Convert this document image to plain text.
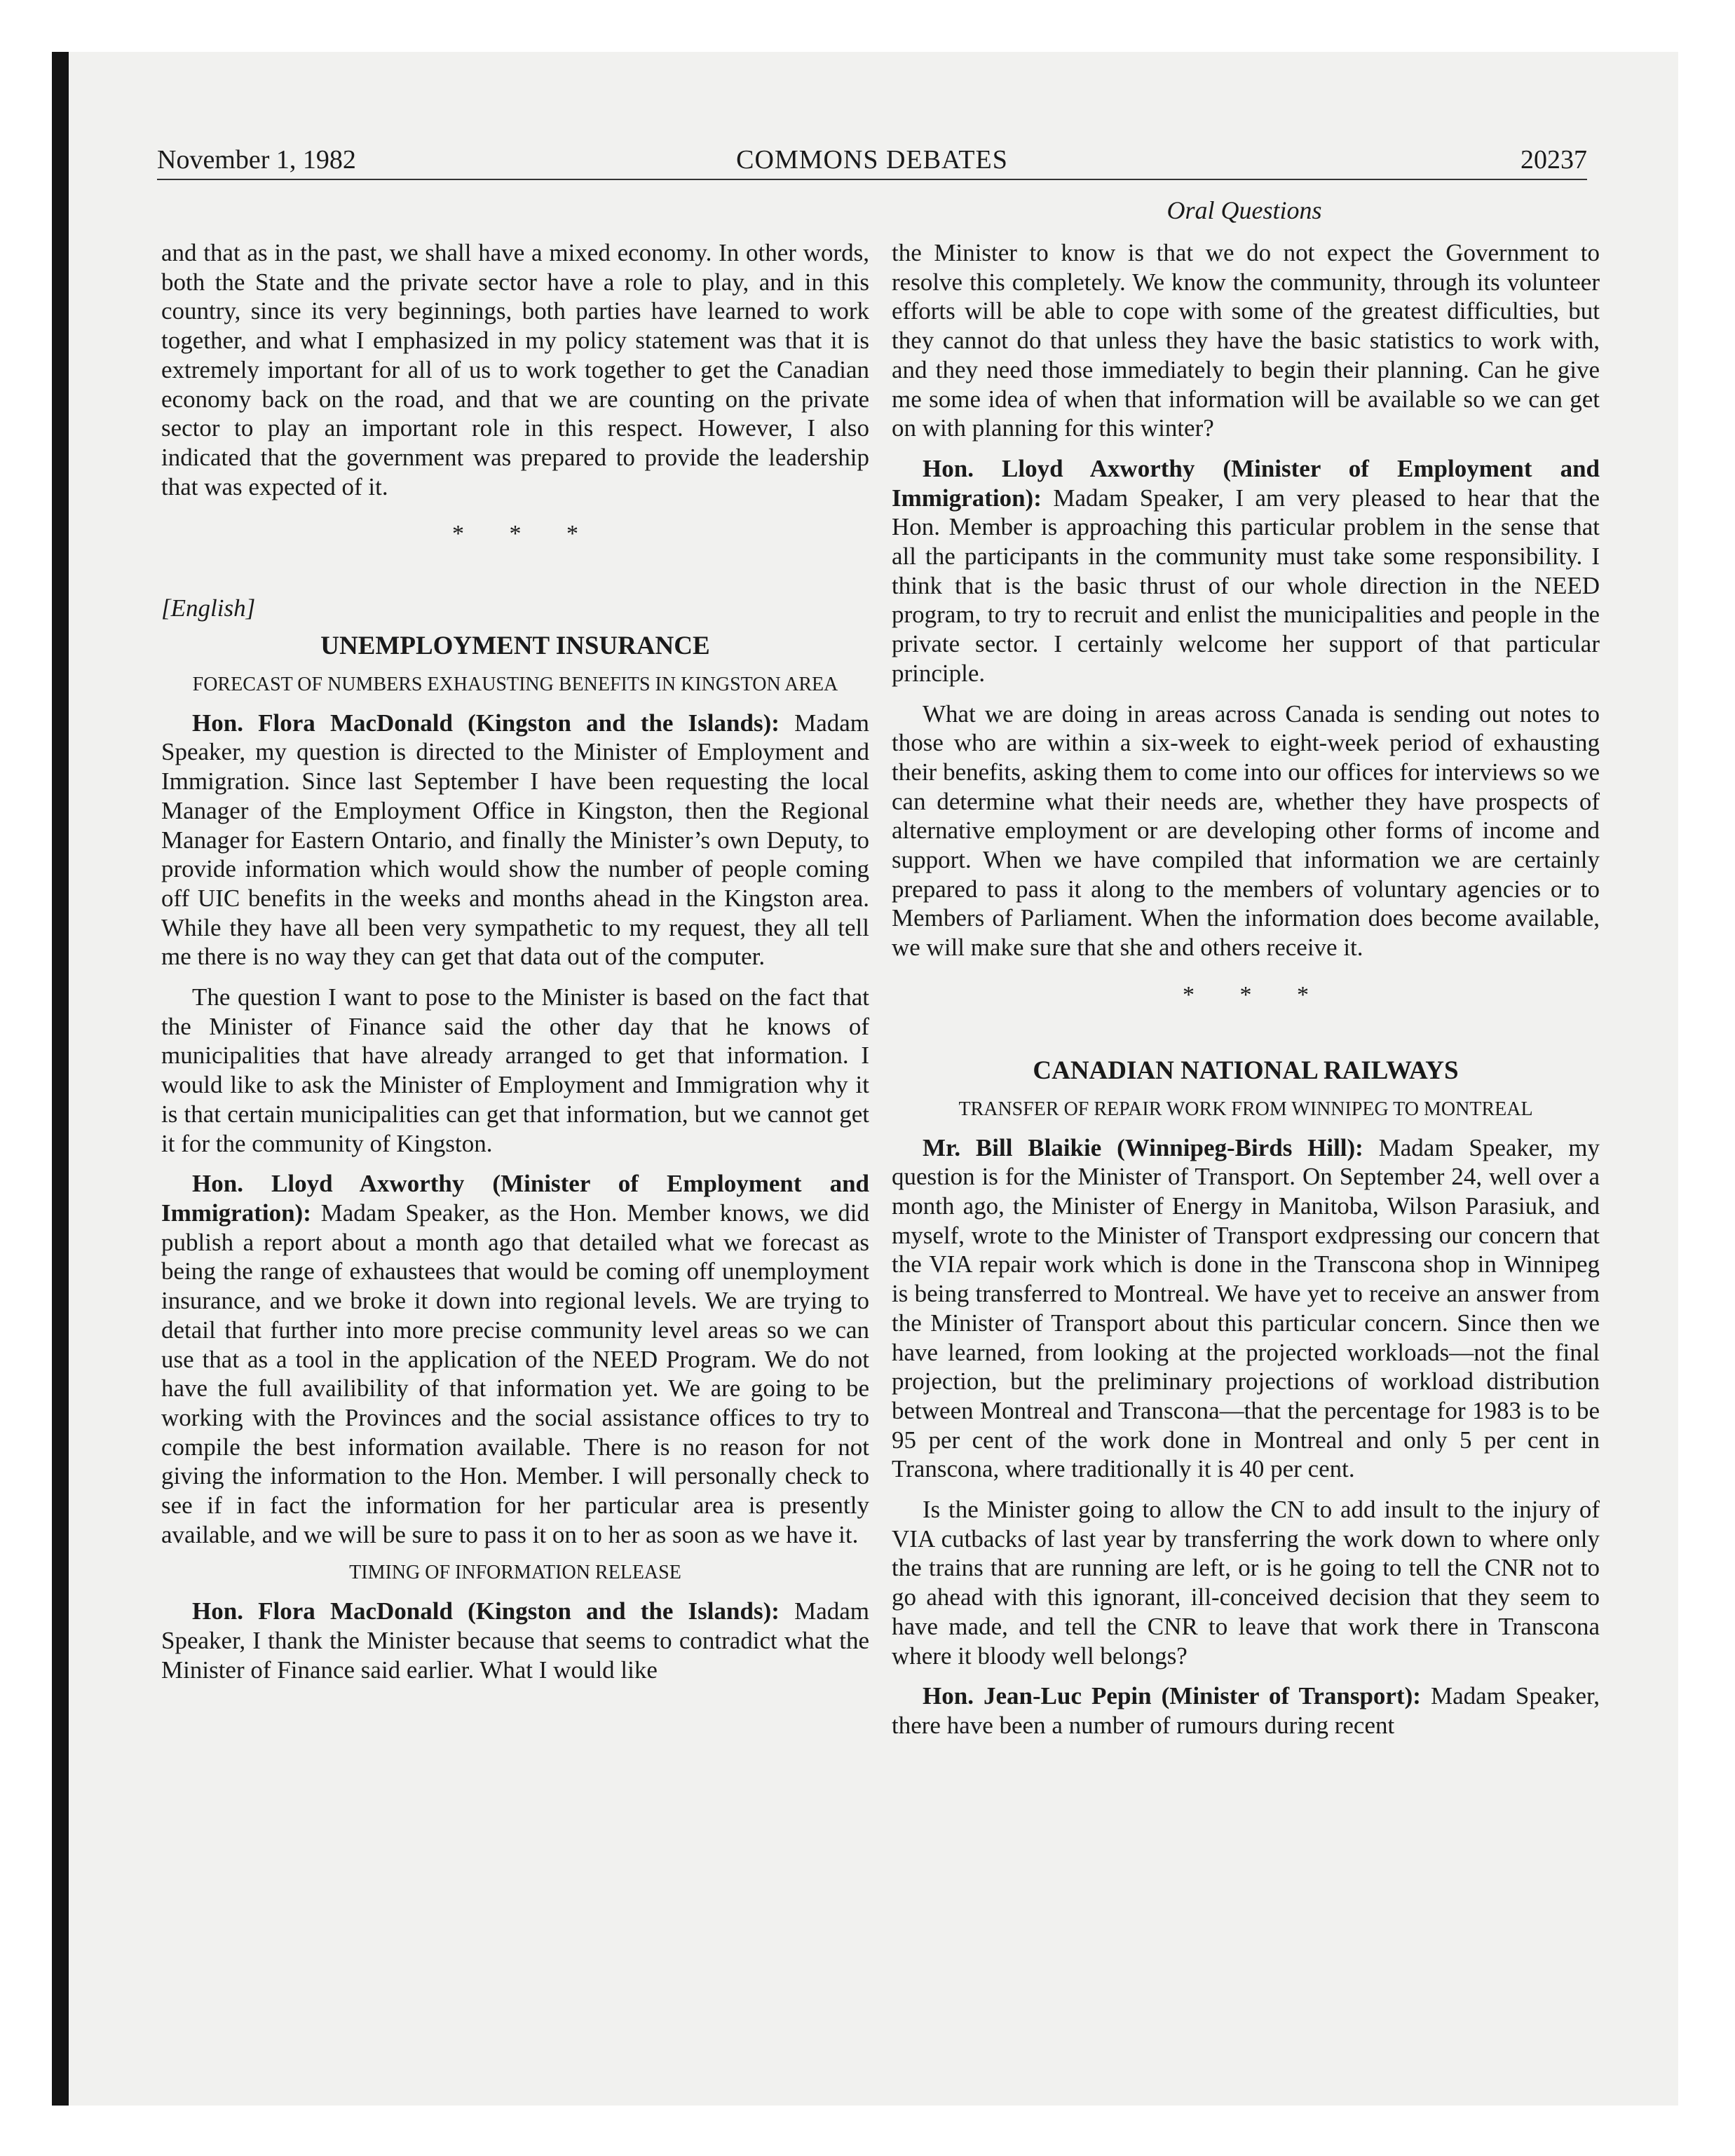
November 1, 1982	COMMONS DEBATES	20237
Oral Questions

and that as in the past, we shall have a mixed economy. In other words, both the State and the private sector have a role to play, and in this country, since its very beginnings, both parties have learned to work together, and what I emphasized in my policy statement was that it is extremely important for all of us to work together to get the Canadian economy back on the road, and that we are counting on the private sector to play an important role in this respect. However, I also indicated that the government was prepared to provide the leadership that was expected of it.

* * *
[English]
UNEMPLOYMENT INSURANCE
FORECAST OF NUMBERS EXHAUSTING BENEFITS IN KINGSTON AREA

Hon. Flora MacDonald (Kingston and the Islands): Madam Speaker, my question is directed to the Minister of Employment and Immigration. Since last September I have been requesting the local Manager of the Employment Office in Kingston, then the Regional Manager for Eastern Ontario, and finally the Minister’s own Deputy, to provide information which would show the number of people coming off UIC benefits in the weeks and months ahead in the Kingston area. While they have all been very sympathetic to my request, they all tell me there is no way they can get that data out of the computer.

The question I want to pose to the Minister is based on the fact that the Minister of Finance said the other day that he knows of municipalities that have already arranged to get that information. I would like to ask the Minister of Employment and Immigration why it is that certain municipalities can get that information, but we cannot get it for the community of Kingston.

Hon. Lloyd Axworthy (Minister of Employment and Immigration): Madam Speaker, as the Hon. Member knows, we did publish a report about a month ago that detailed what we forecast as being the range of exhaustees that would be coming off unemployment insurance, and we broke it down into regional levels. We are trying to detail that further into more precise community level areas so we can use that as a tool in the application of the NEED Program. We do not have the full availibility of that information yet. We are going to be working with the Provinces and the social assistance offices to try to compile the best information available. There is no reason for not giving the information to the Hon. Member. I will personally check to see if in fact the information for her particular area is presently available, and we will be sure to pass it on to her as soon as we have it.

TIMING OF INFORMATION RELEASE

Hon. Flora MacDonald (Kingston and the Islands): Madam Speaker, I thank the Minister because that seems to contradict what the Minister of Finance said earlier. What I would like

the Minister to know is that we do not expect the Government to resolve this completely. We know the community, through its volunteer efforts will be able to cope with some of the greatest difficulties, but they cannot do that unless they have the basic statistics to work with, and they need those immediately to begin their planning. Can he give me some idea of when that information will be available so we can get on with planning for this winter?

Hon. Lloyd Axworthy (Minister of Employment and Immigration): Madam Speaker, I am very pleased to hear that the Hon. Member is approaching this particular problem in the sense that all the participants in the community must take some responsibility. I think that is the basic thrust of our whole direction in the NEED program, to try to recruit and enlist the municipalities and people in the private sector. I certainly welcome her support of that particular principle.

What we are doing in areas across Canada is sending out notes to those who are within a six-week to eight-week period of exhausting their benefits, asking them to come into our offices for interviews so we can determine what their needs are, whether they have prospects of alternative employment or are developing other forms of income and support. When we have compiled that information we are certainly prepared to pass it along to the members of voluntary agencies or to Members of Parliament. When the information does become available, we will make sure that she and others receive it.

* * *
CANADIAN NATIONAL RAILWAYS
TRANSFER OF REPAIR WORK FROM WINNIPEG TO MONTREAL

Mr. Bill Blaikie (Winnipeg-Birds Hill): Madam Speaker, my question is for the Minister of Transport. On September 24, well over a month ago, the Minister of Energy in Manitoba, Wilson Parasiuk, and myself, wrote to the Minister of Transport exdpressing our concern that the VIA repair work which is done in the Transcona shop in Winnipeg is being transferred to Montreal. We have yet to receive an answer from the Minister of Transport about this particular concern. Since then we have learned, from looking at the projected workloads—not the final projection, but the preliminary projections of workload distribution between Montreal and Transcona—that the percentage for 1983 is to be 95 per cent of the work done in Montreal and only 5 per cent in Transcona, where traditionally it is 40 per cent.

Is the Minister going to allow the CN to add insult to the injury of VIA cutbacks of last year by transferring the work down to where only the trains that are running are left, or is he going to tell the CNR not to go ahead with this ignorant, ill-conceived decision that they seem to have made, and tell the CNR to leave that work there in Transcona where it bloody well belongs?

Hon. Jean-Luc Pepin (Minister of Transport): Madam Speaker, there have been a number of rumours during recent
